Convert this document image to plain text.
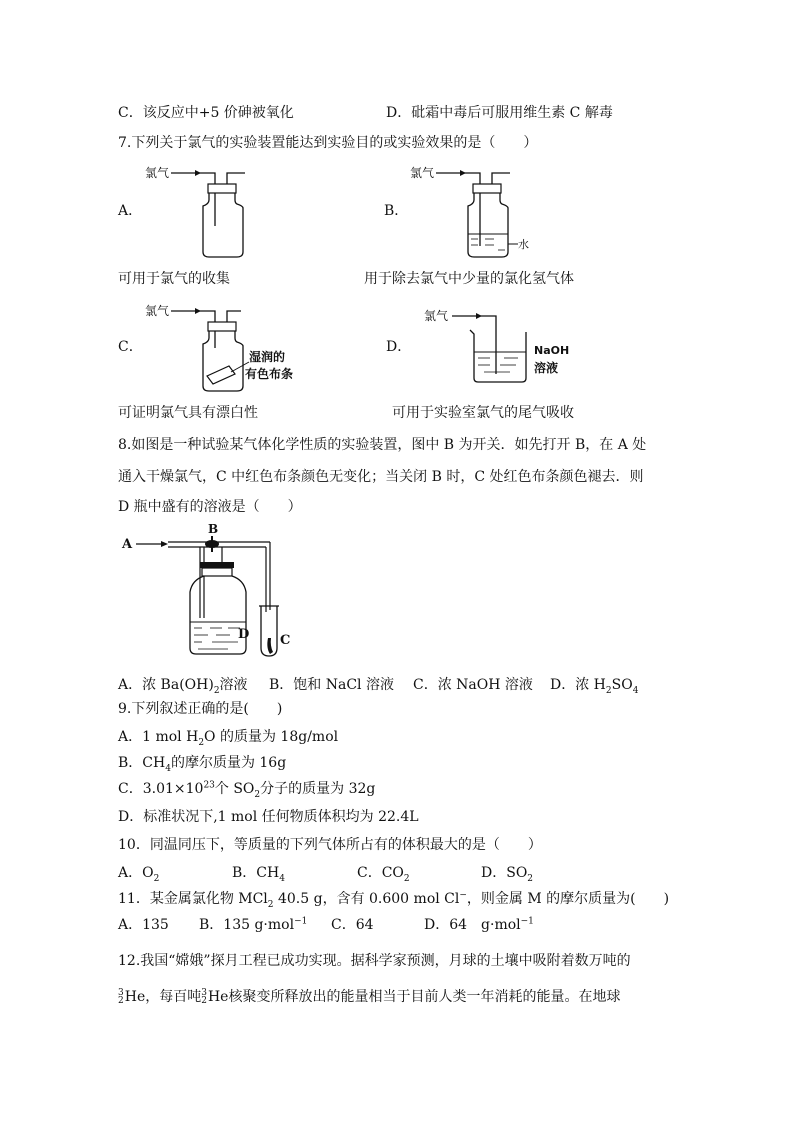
C．该反应中+5 价砷被氧化	D．砒霜中毒后可服用维生素 C 解毒
7.下列关于氯气的实验装置能达到实验目的或实验效果的是（　　）
A．	B．
氯气	氯气
水
可用于氯气的收集	用于除去氯气中少量的氯化氢气体
C．	D．
氯气
湿润的
有色布条
氯气
NaOH
溶液
可证明氯气具有漂白性	可用于实验室氯气的尾气吸收
8.如图是一种试验某气体化学性质的实验装置，图中 B 为开关．如先打开 B，在 A 处
通入干燥氯气，C 中红色布条颜色无变化；当关闭 B 时，C 处红色布条颜色褪去．则
D 瓶中盛有的溶液是（　　）
A
B
D C
A．浓 $Ba(OH)_2$溶液 B．饱和 NaCl 溶液 C．浓 NaOH 溶液 D．浓 $H_2SO_4$
9.下列叙述正确的是(　　)
A．1 mol $H_2O$ 的质量为 18g/mol
B．$CH_4$的摩尔质量为 16g
C．$3.01\times 10^{23}$个 $SO_2$分子的质量为 32g
D．标准状况下,1 mol 任何物质体积均为 22.4L
10．同温同压下，等质量的下列气体所占有的体积最大的是（　　）
A．$O_2$	B．$CH_4$	C．$CO_2$	D．$SO_2$
11．某金属氯化物 MCl$_2$ 40.5 g，含有 0.600 mol Cl−，则金属 M 的摩尔质量为(　　)
A．135 B．135 g·mol$^{-1}$ C．64	D．64　g·mol$^{-1}$
12.我国“嫦娥”探月工程已成功实现。据科学家预测，月球的土壤中吸附着数万吨的
3
2 He，每百吨 3
2 He核聚变所释放出的能量相当于目前人类一年消耗的能量。在地球
